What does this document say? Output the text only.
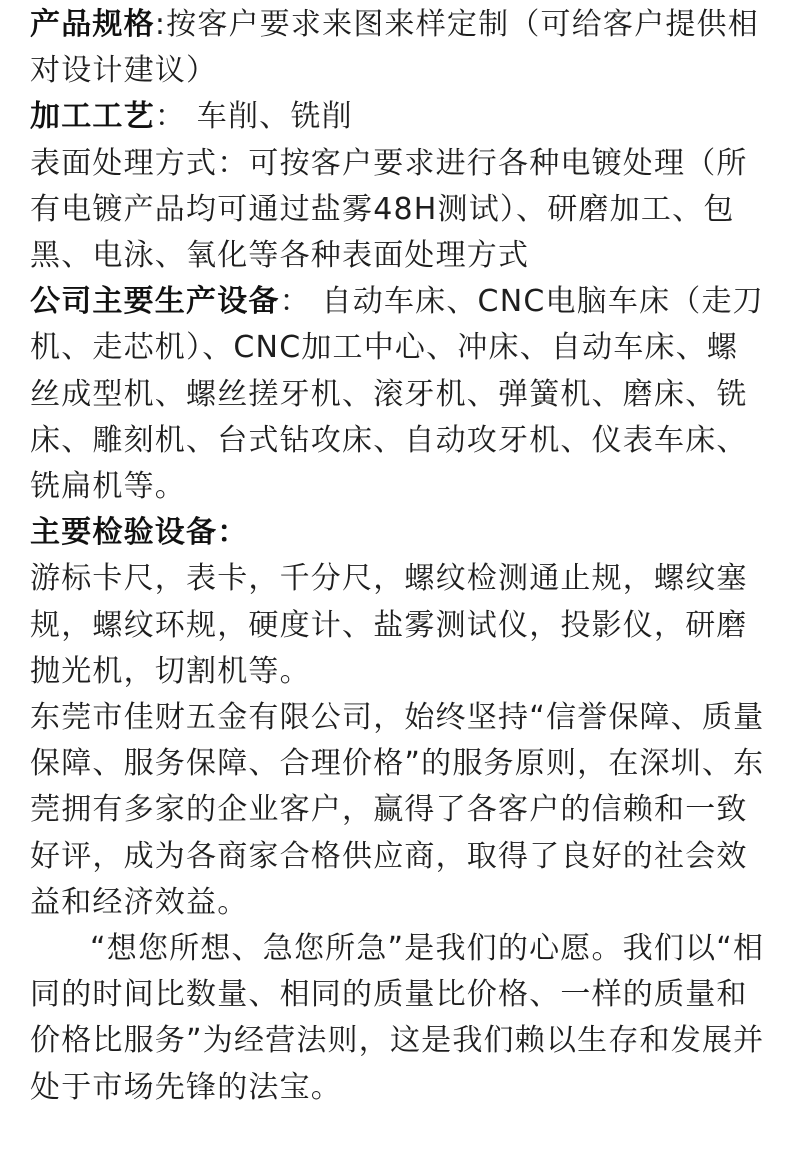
产品规格:按客户要求来图来样定制（可给客户提供相对设计建议）

加工工艺： 车削、铣削

表面处理方式：可按客户要求进行各种电镀处理（所有电镀产品均可通过盐雾48H测试）、研磨加工、包黑、电泳、氧化等各种表面处理方式

公司主要生产设备： 自动车床、CNC电脑车床（走刀机、走芯机）、CNC加工中心、冲床、自动车床、螺丝成型机、螺丝搓牙机、滚牙机、弹簧机、磨床、铣床、雕刻机、台式钻攻床、自动攻牙机、仪表车床、铣扁机等。

主要检验设备：

游标卡尺，表卡，千分尺，螺纹检测通止规，螺纹塞规，螺纹环规，硬度计、盐雾测试仪，投影仪，研磨抛光机，切割机等。

东莞市佳财五金有限公司，始终坚持“信誉保障、质量保障、服务保障、合理价格”的服务原则，在深圳、东莞拥有多家的企业客户，赢得了各客户的信赖和一致好评，成为各商家合格供应商，取得了良好的社会效益和经济效益。

“想您所想、急您所急”是我们的心愿。我们以“相同的时间比数量、相同的质量比价格、一样的质量和价格比服务”为经营法则，这是我们赖以生存和发展并处于市场先锋的法宝。
